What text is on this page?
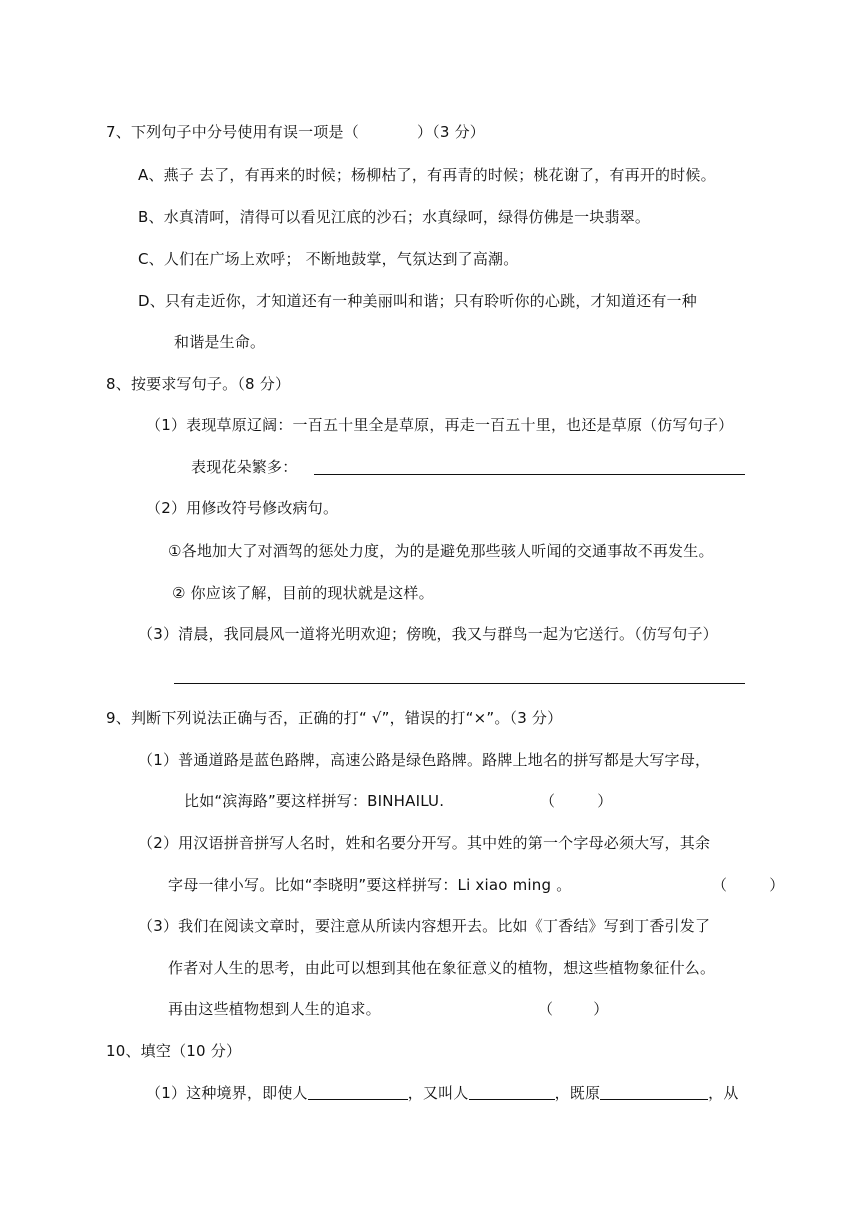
7、下列句子中分号使用有误一项是（	）（3 分）
A、燕子 去了，有再来的时候；杨柳枯了，有再青的时候；桃花谢了，有再开的时候。
B、水真清呵，清得可以看见江底的沙石；水真绿呵，绿得仿佛是一块翡翠。
C、人们在广场上欢呼； 不断地鼓掌，气氛达到了高潮。
D、只有走近你，才知道还有一种美丽叫和谐；只有聆听你的心跳，才知道还有一种
和谐是生命。
8、按要求写句子。（8 分）
（1）表现草原辽阔：一百五十里全是草原，再走一百五十里，也还是草原（仿写句子）
表现花朵繁多：
（2）用修改符号修改病句。
①各地加大了对酒驾的惩处力度，为的是避免那些骇人听闻的交通事故不再发生。
② 你应该了解，目前的现状就是这样。
（3）清晨，我同晨风一道将光明欢迎；傍晚，我又与群鸟一起为它送行。（仿写句子）
9、判断下列说法正确与否，正确的打“ √”，错误的打“×”。（3 分）
（1）普通道路是蓝色路牌，高速公路是绿色路牌。路牌上地名的拼写都是大写字母，
比如“滨海路”要这样拼写：BINHAILU.	（	）
（2）用汉语拼音拼写人名时，姓和名要分开写。其中姓的第一个字母必须大写，其余
字母一律小写。比如“李晓明”要这样拼写：Li xiao ming 。	（	）
（3）我们在阅读文章时，要注意从所读内容想开去。比如《丁香结》写到丁香引发了
作者对人生的思考，由此可以想到其他在象征意义的植物，想这些植物象征什么。
再由这些植物想到人生的追求。	（	）
10、填空（10 分）
（1）这种境界，即使人	，又叫人	，既原	，从
